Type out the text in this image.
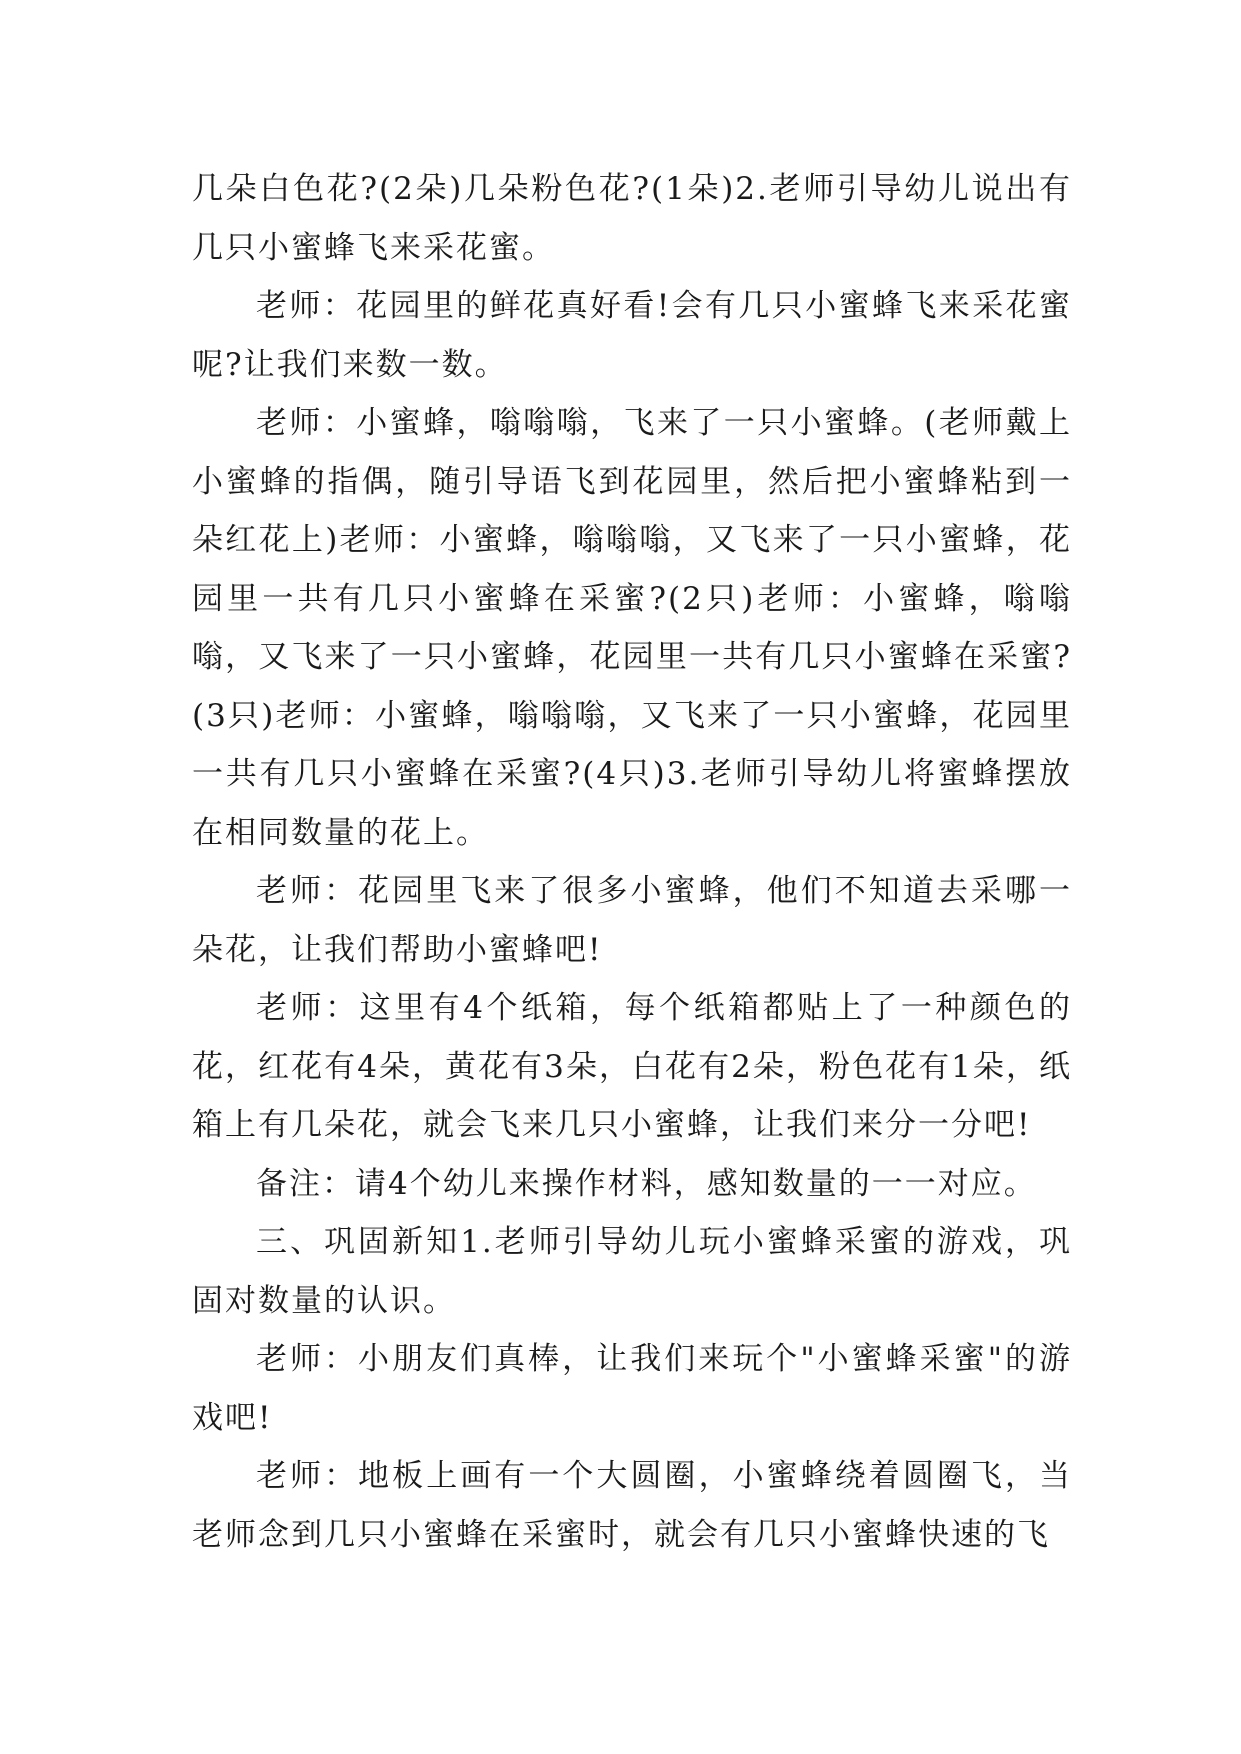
几朵白色花?(2朵)几朵粉色花?(1朵)2.老师引导幼儿说出有几只小蜜蜂飞来采花蜜。

老师：花园里的鲜花真好看!会有几只小蜜蜂飞来采花蜜呢?让我们来数一数。

老师：小蜜蜂，嗡嗡嗡，飞来了一只小蜜蜂。(老师戴上小蜜蜂的指偶，随引导语飞到花园里，然后把小蜜蜂粘到一朵红花上)老师：小蜜蜂，嗡嗡嗡，又飞来了一只小蜜蜂，花园里一共有几只小蜜蜂在采蜜?(2只)老师：小蜜蜂，嗡嗡嗡，又飞来了一只小蜜蜂，花园里一共有几只小蜜蜂在采蜜?(3只)老师：小蜜蜂，嗡嗡嗡，又飞来了一只小蜜蜂，花园里一共有几只小蜜蜂在采蜜?(4只)3.老师引导幼儿将蜜蜂摆放在相同数量的花上。

老师：花园里飞来了很多小蜜蜂，他们不知道去采哪一朵花，让我们帮助小蜜蜂吧!

老师：这里有4个纸箱，每个纸箱都贴上了一种颜色的花，红花有4朵，黄花有3朵，白花有2朵，粉色花有1朵，纸箱上有几朵花，就会飞来几只小蜜蜂，让我们来分一分吧!

备注：请4个幼儿来操作材料，感知数量的一一对应。

三、巩固新知1.老师引导幼儿玩小蜜蜂采蜜的游戏，巩固对数量的认识。

老师：小朋友们真棒，让我们来玩个"小蜜蜂采蜜"的游戏吧!

老师：地板上画有一个大圆圈，小蜜蜂绕着圆圈飞，当老师念到几只小蜜蜂在采蜜时，就会有几只小蜜蜂快速的飞
